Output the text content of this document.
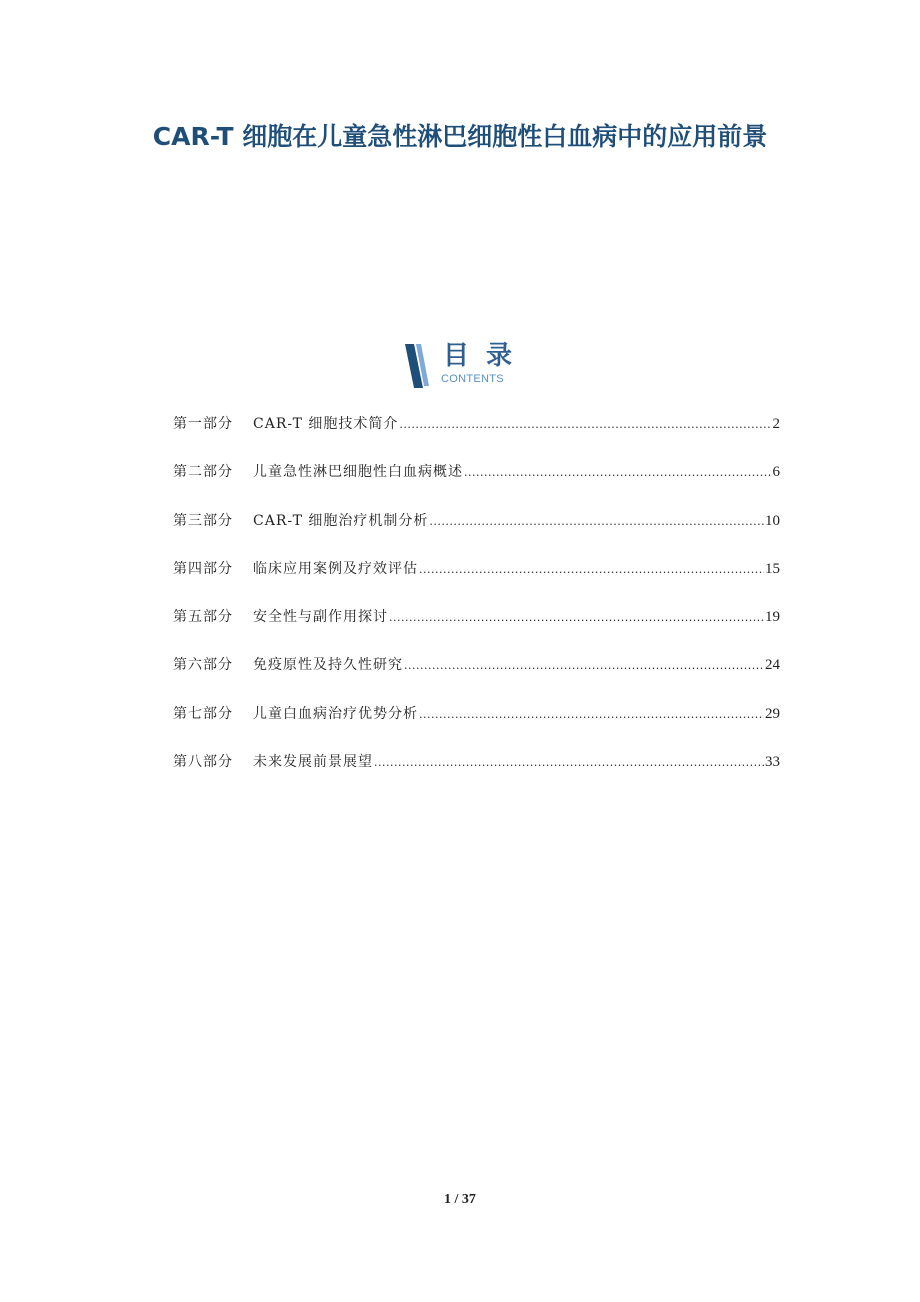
CAR-T 细胞在儿童急性淋巴细胞性白血病中的应用前景
目 录
CONTENTS
第一部分	CAR-T 细胞技术简介 .....	2
第二部分	儿童急性淋巴细胞性白血病概述 .....	6
第三部分	CAR-T 细胞治疗机制分析 .....	10
第四部分	临床应用案例及疗效评估 .....	15
第五部分	安全性与副作用探讨 .....	19
第六部分	免疫原性及持久性研究 .....	24
第七部分	儿童白血病治疗优势分析 .....	29
第八部分	未来发展前景展望 .....	33
1 / 37
